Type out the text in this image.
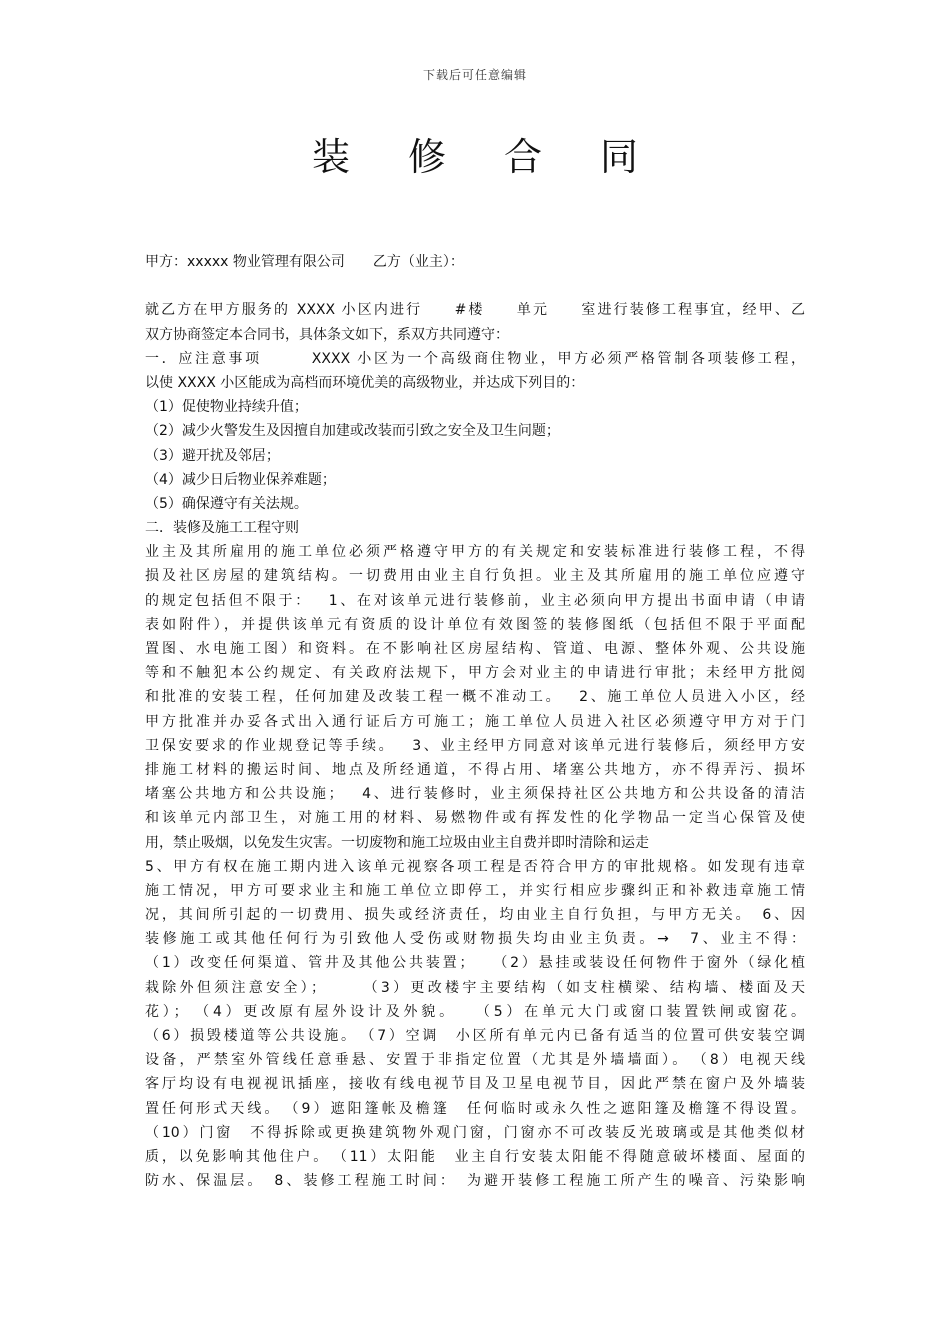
下载后可任意编辑
装修合同
甲方：xxxxx 物业管理有限公司 乙方（业主）：
就乙方在甲方服务的 XXXX 小区内进行　　#楼　　单元　　室进行装修工程事宜，经甲、乙
双方协商签定本合同书，具体条文如下，系双方共同遵守：
一．应注意事项　　　XXXX 小区为一个高级商住物业，甲方必须严格管制各项装修工程，
以使 XXXX 小区能成为高档而环境优美的高级物业，并达成下列目的：
（1）促使物业持续升值；
（2）减少火警发生及因擅自加建或改装而引致之安全及卫生问题；
（3）避开扰及邻居；
（4）减少日后物业保养难题；
（5）确保遵守有关法规。
二．装修及施工工程守则
业主及其所雇用的施工单位必须严格遵守甲方的有关规定和安装标准进行装修工程，不得
损及社区房屋的建筑结构。一切费用由业主自行负担。业主及其所雇用的施工单位应遵守
的规定包括但不限于：　 1、在对该单元进行装修前，业主必须向甲方提出书面申请（申请
表如附件），并提供该单元有资质的设计单位有效图签的装修图纸（包括但不限于平面配
置图、水电施工图）和资料。在不影响社区房屋结构、管道、电源、整体外观、公共设施
等和不触犯本公约规定、有关政府法规下，甲方会对业主的申请进行审批；未经甲方批阅
和批准的安装工程，任何加建及改装工程一概不准动工。　 2、施工单位人员进入小区，经
甲方批准并办妥各式出入通行证后方可施工；施工单位人员进入社区必须遵守甲方对于门
卫保安要求的作业规登记等手续。　 3、业主经甲方同意对该单元进行装修后，须经甲方安
排施工材料的搬运时间、地点及所经通道，不得占用、堵塞公共地方，亦不得弄污、损坏
堵塞公共地方和公共设施；　 4、进行装修时，业主须保持社区公共地方和公共设备的清洁
和该单元内部卫生，对施工用的材料、易燃物件或有挥发性的化学物品一定当心保管及使
用，禁止吸烟，以免发生灾害。一切废物和施工垃圾由业主自费并即时清除和运走
5、甲方有权在施工期内进入该单元视察各项工程是否符合甲方的审批规格。如发现有违章
施工情况，甲方可要求业主和施工单位立即停工，并实行相应步骤纠正和补救违章施工情
况，其间所引起的一切费用、损失或经济责任，均由业主自行负担，与甲方无关。　6、因
装修施工或其他任何行为引致他人受伤或财物损失均由业主负责。→　7、业主不得：
（1）改变任何渠道、管井及其他公共装置；　 （2）悬挂或装设任何物件于窗外（绿化植
栽除外但须注意安全）；　　 （3）更改楼宇主要结构（如支柱横梁、结构墙、楼面及天
花）；　（4）更改原有屋外设计及外貌。　 （5）在单元大门或窗口装置铁闸或窗花。
（6）损毁楼道等公共设施。　（7）空调　小区所有单元内已备有适当的位置可供安装空调
设备，严禁室外管线任意垂悬、安置于非指定位置（尤其是外墙墙面）。　（8）电视天线
客厅均设有电视视讯插座，接收有线电视节目及卫星电视节目，因此严禁在窗户及外墙装
置任何形式天线。　（9）遮阳篷帐及檐篷　任何临时或永久性之遮阳篷及檐篷不得设置。
（10）门窗　不得拆除或更换建筑物外观门窗，门窗亦不可改装反光玻璃或是其他类似材
质，以免影响其他住户。　（11）太阳能　业主自行安装太阳能不得随意破坏楼面、屋面的
防水、保温层。　8、装修工程施工时间：　为避开装修工程施工所产生的噪音、污染影响
